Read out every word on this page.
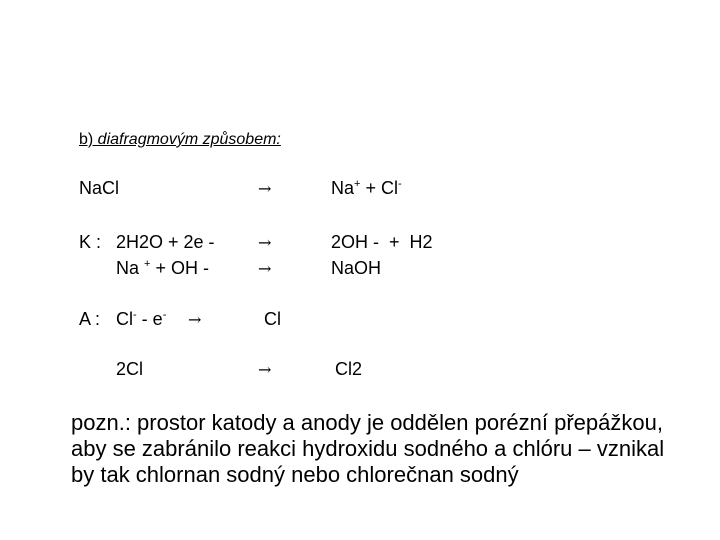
b) diafragmovým způsobem:
NaCl	→	Na+ + Cl-
K : 2H2O + 2e -	→	2OH -  +  H2
Na + + OH -	→	NaOH
A : Cl- - e- →	Cl
2Cl	→	Cl2
pozn.: prostor katody a anody je oddělen porézní přepážkou, aby se zabránilo reakci hydroxidu sodného a chlóru – vznikal by tak chlornan sodný nebo chlorečnan sodný
